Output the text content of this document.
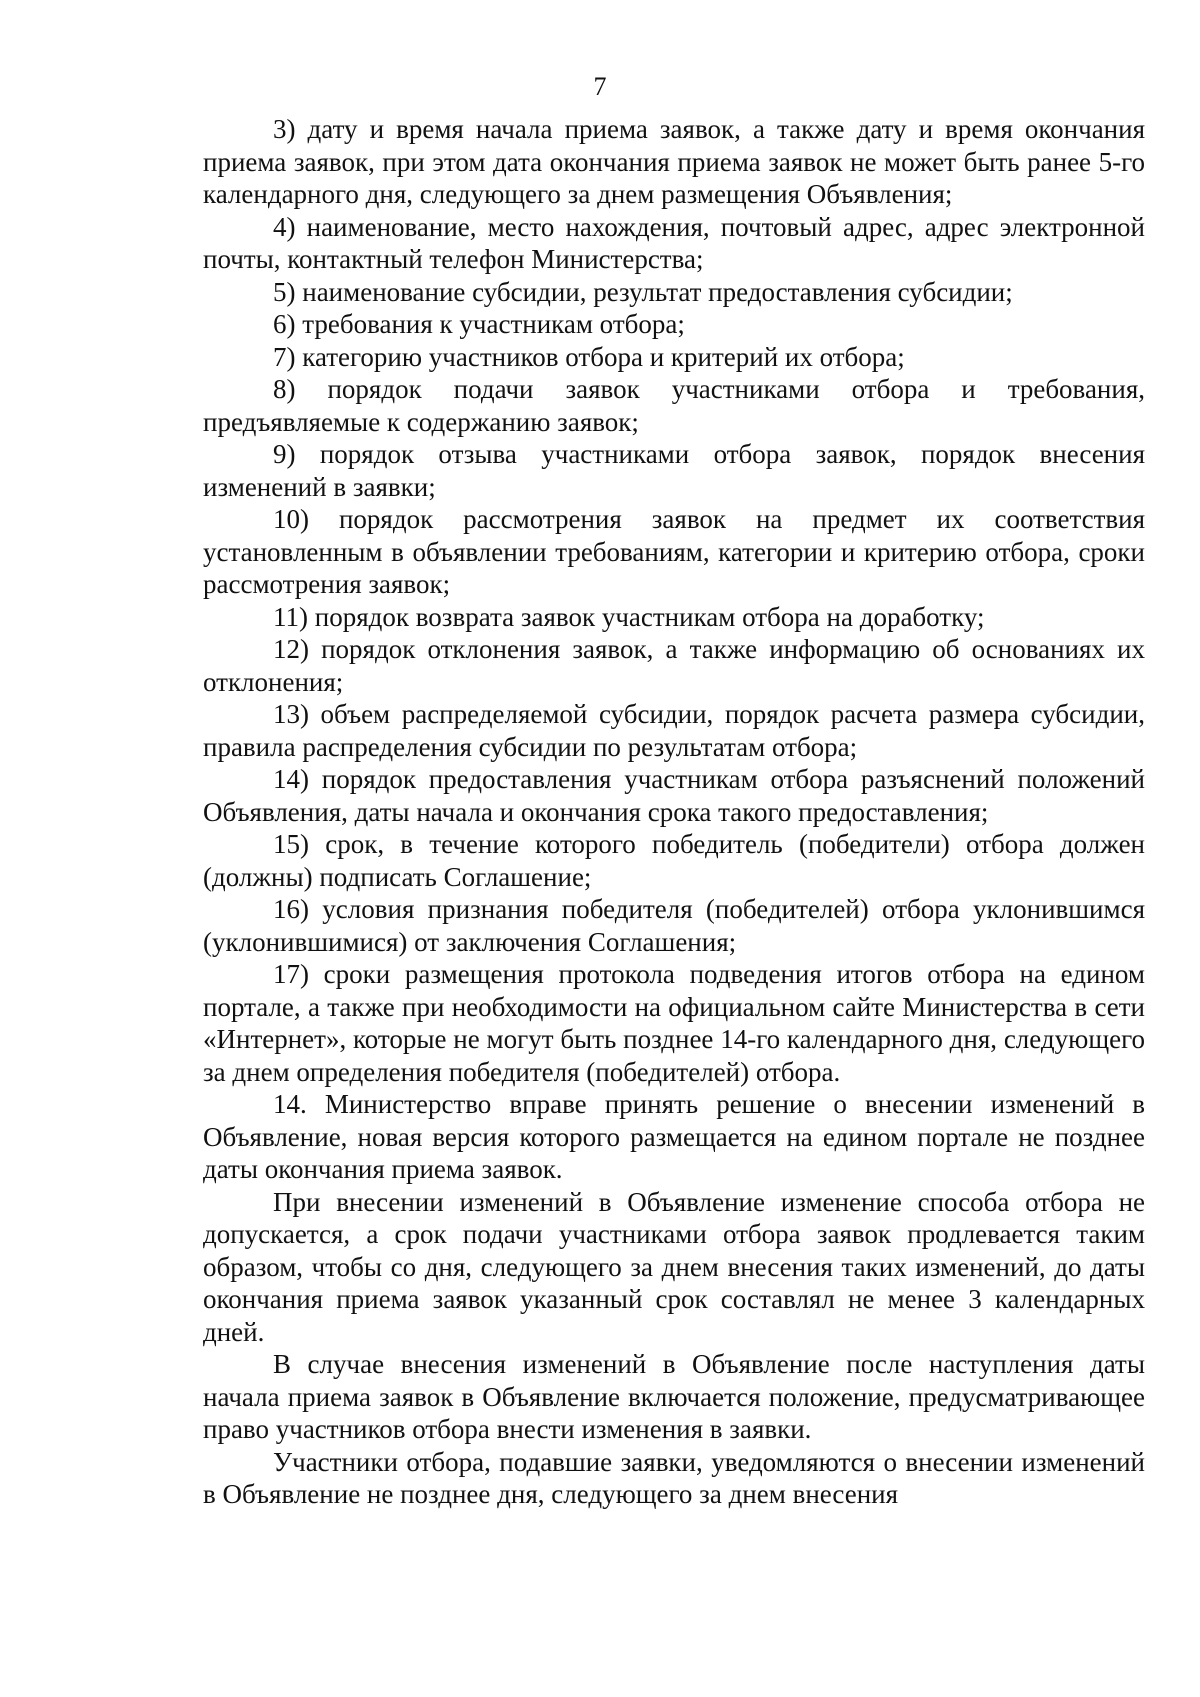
7

3) дату и время начала приема заявок, а также дату и время окончания приема заявок, при этом дата окончания приема заявок не может быть ранее 5-го календарного дня, следующего за днем размещения Объявления;

4) наименование, место нахождения, почтовый адрес, адрес электронной почты, контактный телефон Министерства;

5) наименование субсидии, результат предоставления субсидии;

6) требования к участникам отбора;

7) категорию участников отбора и критерий их отбора;

8) порядок подачи заявок участниками отбора и требования, предъявляемые к содержанию заявок;

9) порядок отзыва участниками отбора заявок, порядок внесения изменений в заявки;

10) порядок рассмотрения заявок на предмет их соответствия установленным в объявлении требованиям, категории и критерию отбора, сроки рассмотрения заявок;

11) порядок возврата заявок участникам отбора на доработку;

12) порядок отклонения заявок, а также информацию об основаниях их отклонения;

13) объем распределяемой субсидии, порядок расчета размера субсидии, правила распределения субсидии по результатам отбора;

14) порядок предоставления участникам отбора разъяснений положений Объявления, даты начала и окончания срока такого предоставления;

15) срок, в течение которого победитель (победители) отбора должен (должны) подписать Соглашение;

16) условия признания победителя (победителей) отбора уклонившимся (уклонившимися) от заключения Соглашения;

17) сроки размещения протокола подведения итогов отбора на едином портале, а также при необходимости на официальном сайте Министерства в сети «Интернет», которые не могут быть позднее 14-го календарного дня, следующего за днем определения победителя (победителей) отбора.

14. Министерство вправе принять решение о внесении изменений в Объявление, новая версия которого размещается на едином портале не позднее даты окончания приема заявок.

При внесении изменений в Объявление изменение способа отбора не допускается, а срок подачи участниками отбора заявок продлевается таким образом, чтобы со дня, следующего за днем внесения таких изменений, до даты окончания приема заявок указанный срок составлял не менее 3 календарных дней.

В случае внесения изменений в Объявление после наступления даты начала приема заявок в Объявление включается положение, предусматривающее право участников отбора внести изменения в заявки.

Участники отбора, подавшие заявки, уведомляются о внесении изменений в Объявление не позднее дня, следующего за днем внесения
